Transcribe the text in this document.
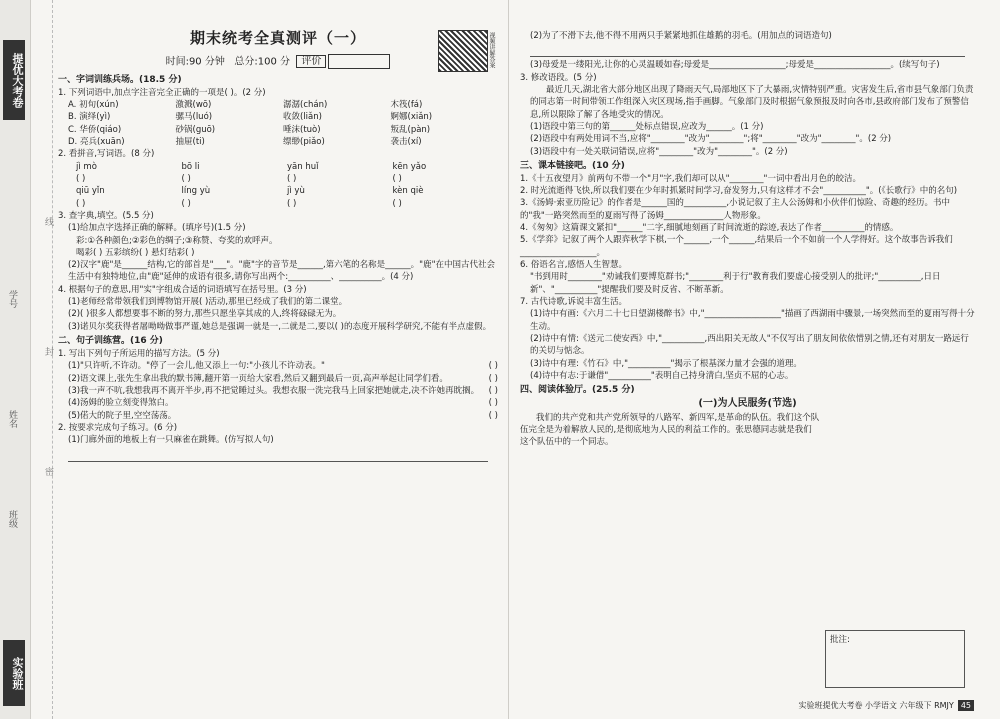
提优大考卷
学号
姓名
班级
实验班
线
封
密
视频讲解答案
期末统考全真测评（一）
时间:90 分钟 总分:100 分 评价
一、字词训练兵场。(18.5 分)
1. 下列词语中,加点字注音完全正确的一项是( )。(2 分)
A. 初旬(xún)	激溅(wō)	潺潺(chán)	木筏(fá)
B. 演绎(yì)	骡马(luó)	收敛(liǎn)	婀娜(xiǎn)
C. 华侨(qiáo)	砂锅(guō)	唾沫(tuò)	叛乱(pàn)
D. 亮兵(xuān)	抽屉(ti)	缥缈(piǎo)	袭击(xí)
2. 看拼音,写词语。(8 分)
jì mò	bō li	yān huǐ	kēn yǎo
( )	( )	( )	( )
qiū yǐn	líng yù	jì yù	kèn qiè
( )	( )	( )	( )
3. 查字典,填空。(5.5 分)
(1)给加点字选择正确的解释。(填序号)(1.5 分)
彩:①各种颜色;②彩色的绸子;③称赞、夸奖的欢呼声。
喝彩( ) 五彩缤纷( ) 悬灯结彩( )
(2)汉字"鹿"是______结构,它的部首是"___"。"鹿"字的音节是______,第六笔的名称是______。"鹿"在中国古代社会生活中有独特地位,由"鹿"延伸的成语有很多,请你写出两个:__________、__________。(4 分)
4. 根据句子的意思,用"实"字组成合适的词语填写在括号里。(3 分)
(1)老师经常带领我们到博物馆开展( )活动,那里已经成了我们的第二课堂。
(2)( )很多人都想要事不断的努力,那些只愿坐享其成的人,终将碌碌无为。
(3)诺贝尔奖获得者屠呦呦做事严谨,她总是强调一就是一,二就是二,要以( )的态度开展科学研究,不能有半点虚假。
二、句子训练营。(16 分)
1. 写出下列句子所运用的描写方法。(5 分)
( )
(1)"只许听,不许动。"停了一会儿,他又添上一句:"小孩儿不许动表。"
( )
(2)语文课上,张先生拿出我的默书簿,翻开第一页给大家看,然后又翻到最后一页,高声举起让同学们看。
( )
(3)我一声不吭,我想我再不离开半步,再不把觉睡过头。我想衣服一洗完我马上回家把她就走,决不许她再眈搁。
( )
(4)汤姆的脸立刻变得煞白。
( )
(5)偌大的院子里,空空荡荡。
2. 按要求完成句子练习。(6 分)
(1)门廊外面的地板上有一只麻雀在跳舞。(仿写拟人句)
(2)为了不滑下去,他不得不用两只手紧紧地抓住雄鹅的羽毛。(用加点的词语造句)
(3)母爱是一缕阳光,让你的心灵温暖如春;母爱是__________________;母爱是__________________。(续写句子)
3. 修改语段。(5 分)
最近几天,湖北省大部分地区出现了降雨天气,局部地区下了大暴雨,灾情特别严重。灾害发生后,省市县气象部门负责的同志第一时间带领工作组深入灾区现场,指手画脚。气象部门及时根据气象预报及时向各市,县政府部门发布了预警信息,所以限除了解了各地受灾的情况。
(1)语段中第三句的第______处标点错误,应改为______。(1 分)
(2)语段中有两处用词不当,应将"________"改为"________";将"________"改为"________"。(2 分)
(3)语段中有一处关联词错误,应将"________"改为"________"。(2 分)
三、课本链接吧。(10 分)
1.《十五夜望月》前两句不带一个"月"字,我们却可以从"________"一词中看出月色的皎洁。
2. 时光流逝得飞快,所以我们要在少年时抓紧时间学习,奋发努力,只有这样才不会"__________"。(《长歌行》中的名句)
3.《汤姆·索亚历险记》的作者是______国的__________,小说记叙了主人公汤姆和小伙伴们惊险、奇趣的经历。书中的"我"一路突然而至的夏雨写得了汤姆______________人物形象。
4.《匆匆》这篇课文紧扣"______"二字,细腻地刻画了时间流逝的踪迹,表达了作者__________的情感。
5.《学弈》记叙了两个人跟弈秋学下棋,一个______,一个______,结果后一个不如前一个人学得好。这个故事告诉我们__________________。
6. 俗语名言,感悟人生智慧。
"书到用时________"劝诫我们要博览群书;"________利于行"教育我们要虚心接受别人的批评;"__________,日日新"、"__________"提醒我们要及时反省、不断革新。
7. 古代诗歌,诉说丰富生活。
(1)诗中有画:《六月二十七日望湖楼醉书》中,"__________________"描画了西湖雨中骤景,一场突然而至的夏雨写得十分生动。
(2)诗中有情:《送元二使安西》中,"__________,西出阳关无故人"不仅写出了朋友间依依惜别之情,还有对朋友一路远行的关切与惦念。
(3)诗中有理:《竹石》中,"__________"揭示了根基深力量才会强的道理。
(4)诗中有志:于谦借"__________"表明自己持身清白,坚贞不屈的心志。
四、阅读体验厅。(25.5 分)
(一)为人民服务(节选)
我们的共产党和共产党所领导的八路军、新四军,是革命的队伍。我们这个队伍完全是为着解放人民的,是彻底地为人民的利益工作的。张思德同志就是我们这个队伍中的一个同志。
批注:
实验班提优大考卷 小学语文 六年级下 RMJY 45
